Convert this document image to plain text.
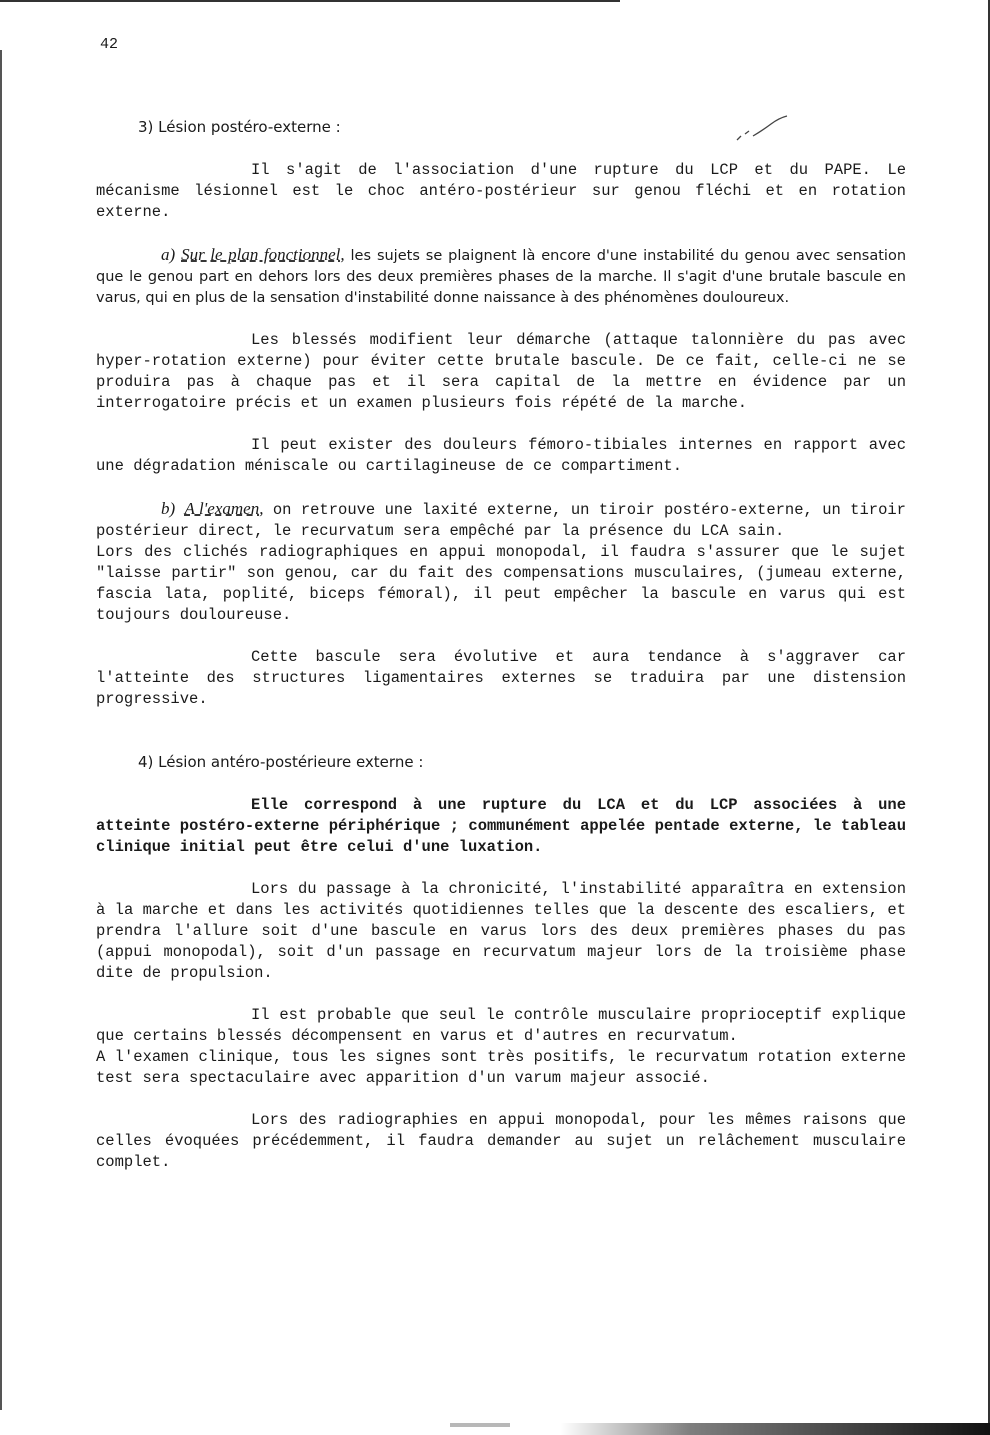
42
3) Lésion postéro-externe :

Il s'agit de l'association d'une rupture du LCP et du PAPE. Le mécanisme lésionnel est le choc antéro-postérieur sur genou fléchi et en rotation externe.

a) Sur le plan fonctionnel, les sujets se plaignent là encore d'une instabilité du genou avec sensation que le genou part en dehors lors des deux premières phases de la marche. Il s'agit d'une brutale bascule en varus, qui en plus de la sensation d'instabilité donne naissance à des phénomènes douloureux.

Les blessés modifient leur démarche (attaque talonnière du pas avec hyper-rotation externe) pour éviter cette brutale bascule. De ce fait, celle-ci ne se produira pas à chaque pas et il sera capital de la mettre en évidence par un interrogatoire précis et un examen plusieurs fois répété de la marche.

Il peut exister des douleurs fémoro-tibiales internes en rapport avec une dégradation méniscale ou cartilagineuse de ce compartiment.

b) A l'examen, on retrouve une laxité externe, un tiroir postéro-externe, un tiroir postérieur direct, le recurvatum sera empêché par la présence du LCA sain.

Lors des clichés radiographiques en appui monopodal, il faudra s'assurer que le sujet "laisse partir" son genou, car du fait des compensations musculaires, (jumeau externe, fascia lata, poplité, biceps fémoral), il peut empêcher la bascule en varus qui est toujours douloureuse.

Cette bascule sera évolutive et aura tendance à s'aggraver car l'atteinte des structures ligamentaires externes se traduira par une distension progressive.

4) Lésion antéro-postérieure externe :

Elle correspond à une rupture du LCA et du LCP associées à une atteinte postéro-externe périphérique ; communément appelée pentade externe, le tableau clinique initial peut être celui d'une luxation.

Lors du passage à la chronicité, l'instabilité apparaîtra en extension à la marche et dans les activités quotidiennes telles que la descente des escaliers, et prendra l'allure soit d'une bascule en varus lors des deux premières phases du pas (appui monopodal), soit d'un passage en recurvatum majeur lors de la troisième phase dite de propulsion.

Il est probable que seul le contrôle musculaire proprioceptif explique que certains blessés décompensent en varus et d'autres en recurvatum.

A l'examen clinique, tous les signes sont très positifs, le recurvatum rotation externe test sera spectaculaire avec apparition d'un varum majeur associé.

Lors des radiographies en appui monopodal, pour les mêmes raisons que celles évoquées précédemment, il faudra demander au sujet un relâchement musculaire complet.
